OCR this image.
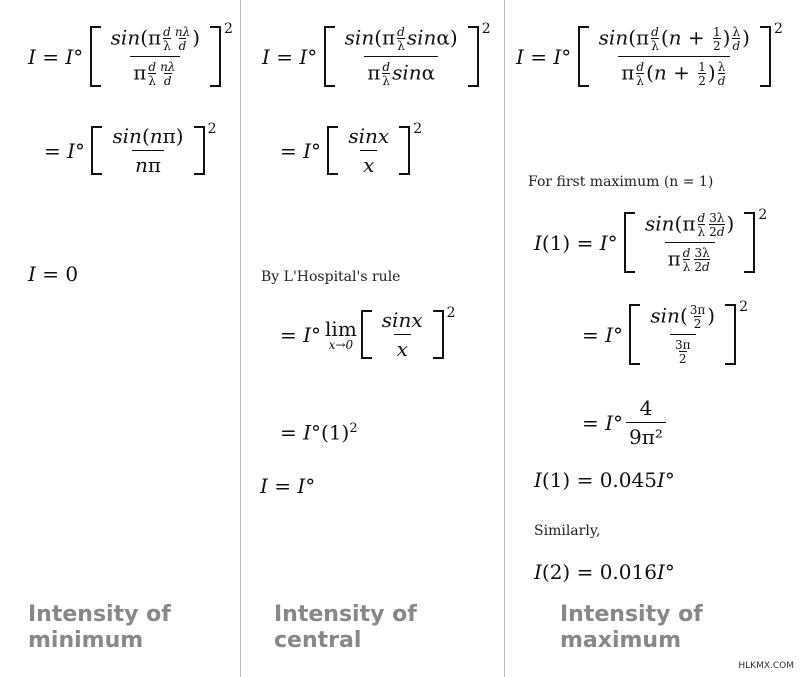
I = I ° $\frac{\sin(\pi \frac{d}{\lambda} \frac{n\lambda}{d} )}{\pi \frac{d}{\lambda} \frac{n\lambda}{d}} 2$
= I ° $\frac{\sin(n\pi)}{n\pi} 2$
I = 0
Intensity of
minimum
I = I ° $\frac{\sin(\pi \frac{d}{\lambda} \sin\alpha)}{\pi \frac{d}{\lambda} \sin\alpha} 2$
= I ° $\frac{\sin x}{x} 2$
By L'Hospital's rule
= I ° lim
$x\to 0 \frac{\sin x}{x} 2$
= $I^\circ(1)^2$
I = I°
Intensity of
central
I = I ° $\frac{\sin(\pi \frac{d}{\lambda} (n + \frac{1}{2} ) \frac{\lambda}{d} )}{\pi \frac{d}{\lambda} (n + \frac{1}{2} ) \frac{\lambda}{d}} 2$
For first maximum (n = 1)
I (1) = I ° $\frac{\sin(\pi \frac{d}{\lambda} \frac{3\lambda}{2d} )}{\pi \frac{d}{\lambda} \frac{3\lambda}{2d}} 2$
= I ° $\frac{\sin( \frac{3\pi}{2} )}{\frac{3\pi}{2}} 2$
= I ° $\frac{4}{\text{9π²}}$
I(1) = 0.045I°
Similarly,
I(2) = 0.016I°
Intensity of
maximum
HLKMX.COM
